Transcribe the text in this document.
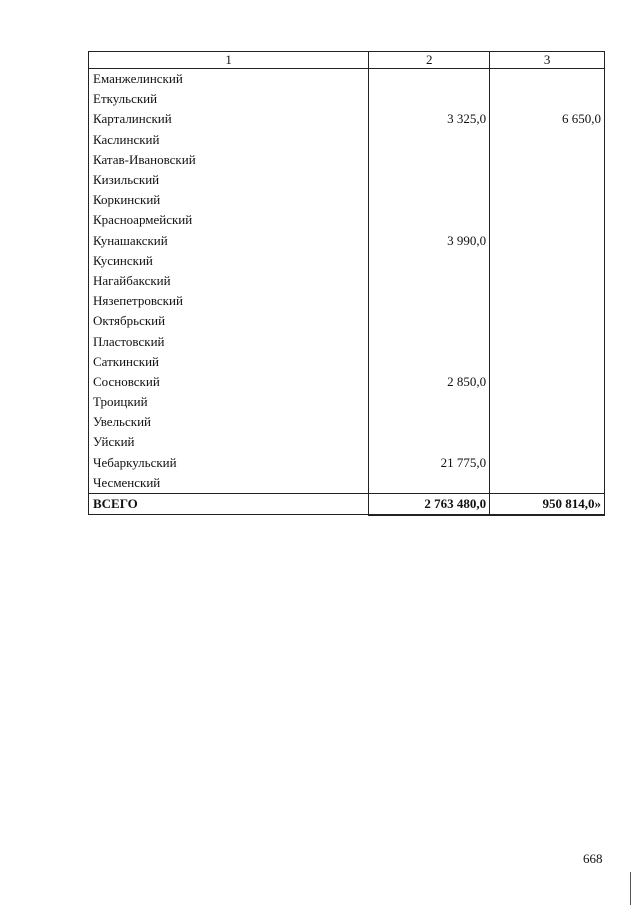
1	2	3
Еманжелинский		
Еткульский		
Карталинский	3 325,0	6 650,0
Каслинский		
Катав-Ивановский		
Кизильский		
Коркинский		
Красноармейский		
Кунашакский	3 990,0	
Кусинский		
Нагайбакский		
Нязепетровский		
Октябрьский		
Пластовский		
Саткинский		
Сосновский	2 850,0	
Троицкий		
Увельский		
Уйский		
Чебаркульский	21 775,0	
Чесменский		
ВСЕГО	2 763 480,0	950 814,0»
668
